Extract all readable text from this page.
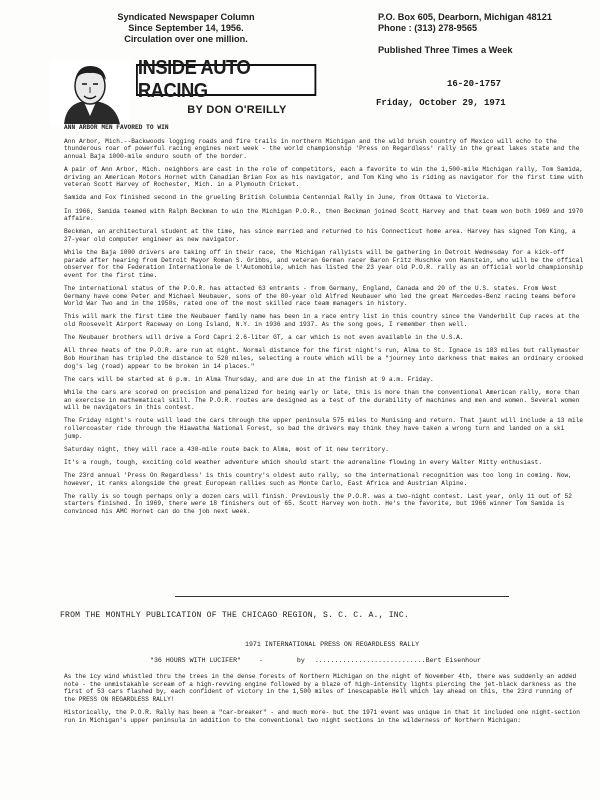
Syndicated Newspaper Column
Since September 14, 1956.
Circulation over one million.
P.O. Box 605, Dearborn, Michigan 48121
Phone : (313) 278-9565
Published Three Times a Week
INSIDE AUTO RACING
BY DON O'REILLY
16-20-1757
Friday, October 29, 1971

ANN ARBOR MEN FAVORED TO WIN

Ann Arbor, Mich.--Backwoods logging roads and fire trails in northern Michigan and the wild brush country of Mexico will echo to the thunderous roar of powerful racing engines next week - the world championship 'Press on Regardless' rally in the great lakes state and the annual Baja 1000-mile enduro south of the border.

A pair of Ann Arbor, Mich. neighbors are cast in the role of competitors, each a favorite to win the 1,500-mile Michigan rally, Tom Samida, driving an American Motors Hornet with Canadian Brian Fox as his navigator, and Tom King who is riding as navigator for the first time with veteran Scott Harvey of Rochester, Mich. in a Plymouth Cricket.

Samida and Fox finished second in the grueling British Columbia Centennial Rally in June, from Ottawa to Victoria.

In 1966, Samida teamed with Ralph Beckman to win the Michigan P.O.R., then Beckman joined Scott Harvey and that team won both 1969 and 1970 affaire.

Beckman, an architectural student at the time, has since married and returned to his Connecticut home area. Harvey has signed Tom King, a 27-year old computer engineer as new navigator.

While the Baja 1000 drivers are taking off in their race, the Michigan rallyists will be gathering in Detroit Wednesday for a kick-off parade after hearing from Detroit Mayor Roman S. Gribbs, and veteran German racer Baron Fritz Huschke von Hanstein, who will be the offical observer for the Federation Internationale de l'Automobile, which has listed the 23 year old P.O.R. rally as an official world championship event for the first time.

The international status of the P.O.R. has attacted 63 entrants - from Germany, England, Canada and 20 of the U.S. states. From West Germany have come Peter and Michael Neubauer, sons of the 80-year old Alfred Neubauer who led the great Mercedes-Benz racing teams before World War Two and in the 1950s, rated one of the most skilled race team managers in history.

This will mark the first time the Neubauer family name has been in a race entry list in this country since the Vanderbilt Cup races at the old Roosevelt Airport Raceway on Long Island, N.Y. in 1936 and 1937. As the song goes, I remember then well.

The Neubauer brothers will drive a Ford Capri 2.6-liter GT, a car which is not even available in the U.S.A.

All three heats of the P.O.R. are run at night. Normal distance for the first night's run, Alma to St. Ignace is 183 miles but rallymaster Bob Hourihan has tripled the distance to 520 miles, selecting a route which will be a "journey into darkness that makes an ordinary crooked dog's leg (road) appear to be broken in 14 places."

The cars will be started at 6 p.m. in Alma Thursday, and are due in at the finish at 9 a.m. Friday.

While the cars are scored on precision and penalized for being early or late, this is more than the conventional American rally, more than an exercise in mathematical skill. The P.O.R. routes are designed as a test of the durability of machines and men and women. Several women will be navigators in this contest.

The Friday night's route will lead the cars through the upper peninsula 575 miles to Munising and return. That jaunt will include a 13 mile rollercoaster ride through the Hiawatha National Forest, so bad the drivers may think they have taken a wrong turn and landed on a ski jump.

Saturday night, they will race a 430-mile route back to Alma, most of it new territory.

It's a rough, tough, exciting cold weather adventure which should start the adrenaline flowing in every Walter Mitty enthusiast.

The 23rd annual 'Press On Regardless' is this country's oldest auto rally, so the international recognition was too long in coming. Now, however, it ranks alongside the great European rallies such as Monte Carlo, East Africa and Austrian Alpine.

The rally is so tough perhaps only a dozen cars will finish. Previously the P.O.R. was a two-night contest. Last year, only 11 out of 52 starters finished. In 1969, there were 18 finishers out of 65. Scott Harvey won both. He's the favorite, but 1966 winner Tom Samida is convinced his AMC Hornet can do the job next week.

FROM THE MONTHLY PUBLICATION OF THE CHICAGO REGION, S. C. C. A., INC.
1971 INTERNATIONAL PRESS ON REGARDLESS RALLY
"36 HOURS WITH LUCIFER"	-	by ............................Bert Eisenhour

As the icy wind whistled thru the trees in the dense forests of Northern Michigan on the night of November 4th, there was suddenly an added note - the unmistakable scream of a high-revving engine followed by a blaze of high-intensity lights piercing the jet-black darkness as the first of 53 cars flashed by, each confident of victory in the 1,500 miles of inescapable Hell which lay ahead on this, the 23rd running of the PRESS ON REGARDLESS RALLY!

Historically, the P.O.R. Rally has been a "car-breaker" - and much more- but the 1971 event was unique in that it included one night-section run in Michigan's upper peninsula in addition to the conventional two night sections in the wilderness of Northern Michigan:
